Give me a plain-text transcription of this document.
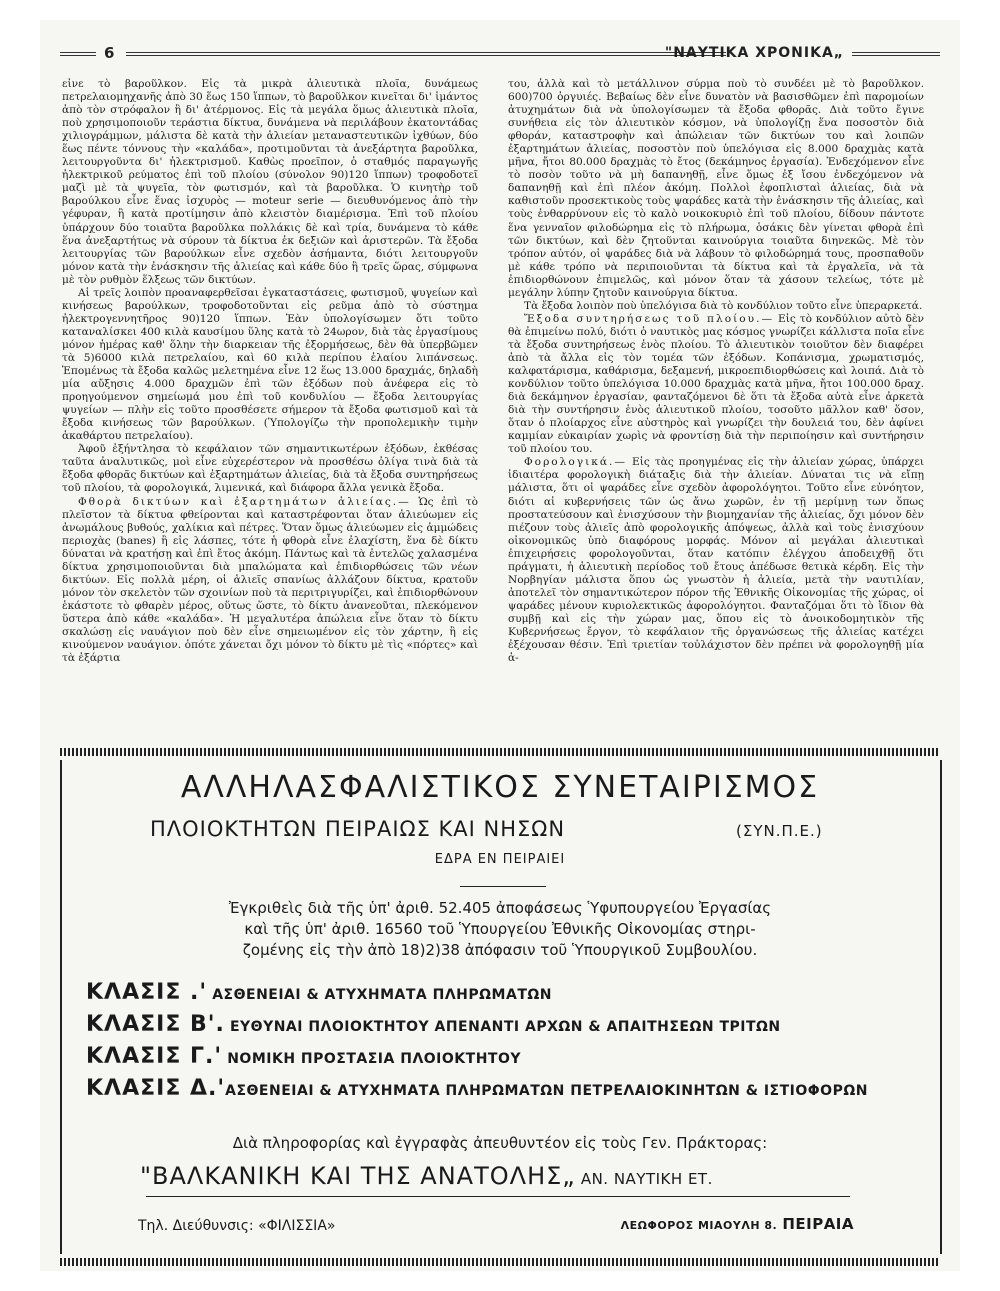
6	"ΝΑΥΤΙΚΑ ΧΡΟΝΙΚΑ„

εἶνε τὸ βαροῦλκον. Εἰς τὰ μικρὰ ἁλιευτικὰ πλοῖα, δυνάμεως πετρελαιομηχανῆς ἀπὸ 30 ἕως 150 ἵππων, τὸ βαροῦλκον κινεῖται δι' ἱμάντος ἀπὸ τὸν στρόφαλον ἢ δι' ἀτέρμονος. Εἰς τὰ μεγάλα ὅμως ἁλιευτικὰ πλοῖα, ποὺ χρησιμοποιοῦν τεράστια δίκτυα, δυνάμενα νὰ περιλάβουν ἑκατοντάδας χιλιογράμμων, μάλιστα δὲ κατὰ τὴν ἁλιείαν μεταναστευτικῶν ἰχθύων, δύο ἕως πέντε τόννους τὴν «καλάδα», προτιμοῦνται τὰ ἀνεξάρτητα βαροῦλκα, λειτουργοῦντα δι' ἠλεκτρισμοῦ. Καθὼς προεῖπον, ὁ σταθμός παραγωγῆς ἠλεκτρικοῦ ρεύματος ἐπὶ τοῦ πλοίου (σύνολον 90)120 ἵππων) τροφοδοτεῖ μαζὶ μὲ τὰ ψυγεῖα, τὸν φωτισμόν, καὶ τὰ βαροῦλκα. Ὁ κινητὴρ τοῦ βαρούλκου εἶνε ἕνας ἰσχυρὸς — moteur serie — διευθυνόμενος ἀπὸ τὴν γέφυραν, ἢ κατὰ προτίμησιν ἀπὸ κλειστὸν διαμέρισμα. Ἐπὶ τοῦ πλοίου ὑπάρχουν δύο τοιαῦτα βαροῦλκα πολλάκις δὲ καὶ τρία, δυνάμενα τὸ κάθε ἕνα ἀνεξαρτήτως νὰ σύρουν τὰ δίκτυα ἐκ δεξιῶν καὶ ἀριστερῶν. Τὰ ἔξοδα λειτουργίας τῶν βαρούλκων εἶνε σχεδὸν ἀσήμαντα, διότι λειτουργοῦν μόνον κατὰ τὴν ἐνάσκησιν τῆς ἁλιείας καὶ κάθε δύο ἢ τρεῖς ὥρας, σύμφωνα μὲ τὸν ρυθμὸν ἕλξεως τῶν δικτύων.

Αἱ τρεῖς λοιπὸν προαναφερθεῖσαι ἐγκαταστάσεις, φωτισμοῦ, ψυγείων καὶ κινήσεως βαρούλκων, τροφοδοτοῦνται εἰς ρεῦμα ἀπὸ τὸ σύστημα ἠλεκτρογεννητῆρος 90)120 ἵππων. Ἐὰν ὑπολογίσωμεν ὅτι τοῦτο καταναλίσκει 400 κιλὰ καυσίμου ὕλης κατὰ τὸ 24ωρον, διὰ τὰς ἐργασίμους μόνον ἡμέρας καθ' ὅλην τὴν διαρκειαν τῆς ἐξορμήσεως, δὲν θὰ ὑπερβῶμεν τὰ 5)6000 κιλὰ πετρελαίου, καὶ 60 κιλὰ περίπου ἐλαίου λιπάνσεως. Ἑπομένως τὰ ἔξοδα καλῶς μελετημένα εἶνε 12 ἕως 13.000 δραχμάς, δηλαδὴ μία αὔξησις 4.000 δραχμῶν ἐπὶ τῶν ἐξόδων ποὺ ἀνέφερα εἰς τὸ προηγούμενον σημείωμά μου ἐπὶ τοῦ κονδυλίου — ἔξοδα λειτουργίας ψυγείων — πλὴν εἰς τοῦτο προσθέσετε σήμερον τὰ ἔξοδα φωτισμοῦ καὶ τὰ ἔξοδα κινήσεως τῶν βαρούλκων. (Ὑπολογίζω τὴν προπολεμικὴν τιμὴν ἀκαθάρτου πετρελαίου).

Ἀφοῦ ἐξήντλησα τὸ κεφάλαιον τῶν σημαντικωτέρων ἐξόδων, ἐκθέσας ταῦτα ἀναλυτικῶς, μοὶ εἶνε εὐχερέστερον νὰ προσθέσω ὀλίγα τινὰ διὰ τὰ ἔξοδα φθορᾶς δικτύων καὶ ἐξαρτημάτων ἁλιείας, διὰ τὰ ἔξοδα συντηρήσεως τοῦ πλοίου, τὰ φορολογικά, λιμενικά, καὶ διάφορα ἄλλα γενικὰ ἔξοδα.

Φθορὰ δικτύων καὶ ἐξαρτημάτων ἁλιείας.— Ὡς ἐπὶ τὸ πλεῖστον τὰ δίκτυα φθείρονται καὶ καταστρέφονται ὅταν ἁλιεύωμεν εἰς ἀνωμάλους βυθούς, χαλίκια καὶ πέτρες. Ὅταν ὅμως ἁλιεύωμεν εἰς ἀμμώδεις περιοχὰς (banes) ἢ εἰς λάσπες, τότε ἡ φθορὰ εἶνε ἐλαχίστη, ἕνα δὲ δίκτυ δύναται νὰ κρατήσῃ καὶ ἐπὶ ἔτος ἀκόμη. Πάντως καὶ τὰ ἐντελῶς χαλασμένα δίκτυα χρησιμοποιοῦνται διὰ μπαλώματα καὶ ἐπιδιορθώσεις τῶν νέων δικτύων. Εἰς πολλὰ μέρη, οἱ ἁλιεῖς σπανίως ἀλλάζουν δίκτυα, κρατοῦν μόνον τὸν σκελετὸν τῶν σχοινίων ποὺ τὰ περιτριγυρίζει, καὶ ἐπιδιορθώνουν ἑκάστοτε τὸ φθαρὲν μέρος, οὕτως ὥστε, τὸ δίκτυ ἀνανεοῦται, πλεκόμενον ὕστερα ἀπὸ κάθε «καλάδα». Ἡ μεγαλυτέρα ἀπώλεια εἶνε ὅταν τὸ δίκτυ σκαλώσῃ εἰς ναυάγιον ποὺ δὲν εἶνε σημειωμένον εἰς τὸν χάρτην, ἢ εἰς κινούμενον ναυάγιον. ὁπότε χάνεται ὄχι μόνον τὸ δίκτυ μὲ τὶς «πόρτες» καὶ τὰ ἐξάρτια

του, ἀλλὰ καὶ τὸ μετάλλινον σύρμα ποὺ τὸ συνδέει μὲ τὸ βαροῦλκον. 600)700 ὀργυιές. Βεβαίως δὲν εἶνε δυνατὸν νὰ βασισθῶμεν ἐπὶ παρομοίων ἀτυχημάτων διὰ νὰ ὑπολογίσωμεν τὰ ἔξοδα φθορᾶς. Διὰ τοῦτο ἔγινε συνήθεια εἰς τὸν ἁλιευτικὸν κόσμον, νὰ ὑπολογίζῃ ἕνα ποσοστὸν διὰ φθοράν, καταστροφὴν καὶ ἀπώλειαν τῶν δικτύων του καὶ λοιπῶν ἐξαρτημάτων ἁλιείας, ποσοστὸν ποὺ ὑπελόγισα εἰς 8.000 δραχμὰς κατὰ μῆνα, ἤτοι 80.000 δραχμὰς τὸ ἔτος (δεκάμηνος ἐργασία). Ἐνδεχόμενον εἶνε τὸ ποσὸν τοῦτο νὰ μὴ δαπανηθῇ, εἶνε ὅμως ἐξ ἴσου ἐνδεχόμενον νὰ δαπανηθῇ καὶ ἐπὶ πλέον ἀκόμη. Πολλοὶ ἐφοπλισταὶ ἁλιείας, διὰ νὰ καθιστοῦν προσεκτικοὺς τοὺς ψαράδες κατὰ τὴν ἐνάσκησιν τῆς ἁλιείας, καὶ τοὺς ἐνθαρρύνουν εἰς τὸ καλὸ νοικοκυριὸ ἐπὶ τοῦ πλοίου, δίδουν πάντοτε ἕνα γενναῖον φιλοδώρημα εἰς τὸ πλήρωμα, ὁσάκις δὲν γίνεται φθορὰ ἐπὶ τῶν δικτύων, καὶ δὲν ζητοῦνται καινούργια τοιαῦτα διηνεκῶς. Μὲ τὸν τρόπον αὐτόν, οἱ ψαράδες διὰ νὰ λάβουν τὸ φιλοδώρημά τους, προσπαθοῦν μὲ κάθε τρόπο νὰ περιποιοῦνται τὰ δίκτυα καὶ τὰ ἐργαλεῖα, νὰ τὰ ἐπιδιορθώνουν ἐπιμελῶς, καὶ μόνον ὅταν τὰ χάσουν τελείως, τότε μὲ μεγάλην λύπην ζητοῦν καινούργια δίκτυα.

Τὰ ἔξοδα λοιπὸν ποὺ ὑπελόγισα διὰ τὸ κονδύλιον τοῦτο εἶνε ὑπεραρκετά.

Ἔξοδα συντηρήσεως τοῦ πλοίου.— Εἰς τὸ κονδύλιον αὐτὸ δὲν θὰ ἐπιμείνω πολύ, διότι ὁ ναυτικὸς μας κόσμος γνωρίζει κάλλιστα ποῖα εἶνε τὰ ἔξοδα συντηρήσεως ἑνὸς πλοίου. Τὸ ἁλιευτικὸν τοιοῦτον δὲν διαφέρει ἀπὸ τὰ ἄλλα εἰς τὸν τομέα τῶν ἐξόδων. Κοπάνισμα, χρωματισμός, καλφατάρισμα, καθάρισμα, δεξαμενή, μικροεπιδιορθώσεις καὶ λοιπά. Διὰ τὸ κονδύλιον τοῦτο ὑπελόγισα 10.000 δραχμὰς κατὰ μῆνα, ἤτοι 100.000 δραχ. διὰ δεκάμηνον ἐργασίαν, φανταζόμενοι δὲ ὅτι τὰ ἔξοδα αὐτὰ εἶνε ἀρκετὰ διὰ τὴν συντήρησιν ἑνὸς ἁλιευτικοῦ πλοίου, τοσοῦτο μᾶλλον καθ' ὅσον, ὅταν ὁ πλοίαρχος εἶνε αὐστηρὸς καὶ γνωρίζει τὴν δουλειά του, δὲν ἀφίνει καμμίαν εὐκαιρίαν χωρὶς νὰ φροντίσῃ διὰ τὴν περιποίησιν καὶ συντήρησιν τοῦ πλοίου του.

Φορολογικά.— Εἰς τὰς προηγμένας εἰς τὴν ἁλιείαν χώρας, ὑπάρχει ἰδιαιτέρα φορολογικὴ διάταξις διὰ τὴν ἁλιείαν. Δύναται τις νὰ εἴπῃ μάλιστα, ὅτι οἱ ψαράδες εἶνε σχεδὸν ἀφορολόγητοι. Τοῦτο εἶνε εὐνόητον, διότι αἱ κυβερνήσεις τῶν ὡς ἄνω χωρῶν, ἐν τῇ μερίμνῃ των ὅπως προστατεύσουν καὶ ἐνισχύσουν τὴν βιομηχανίαν τῆς ἁλιείας, ὄχι μόνον δὲν πιέζουν τοὺς ἁλιεῖς ἀπὸ φορολογικῆς ἀπόψεως, ἀλλὰ καὶ τοὺς ἐνισχύουν οἰκονομικῶς ὑπὸ διαφόρους μορφάς. Μόνον αἱ μεγάλαι ἁλιευτικαὶ ἐπιχειρήσεις φορολογοῦνται, ὅταν κατόπιν ἐλέγχου ἀποδειχθῇ ὅτι πράγματι, ἡ ἁλιευτικὴ περίοδος τοῦ ἔτους ἀπέδωσε θετικὰ κέρδη. Εἰς τὴν Νορβηγίαν μάλιστα ὅπου ὡς γνωστὸν ἡ ἁλιεία, μετὰ τὴν ναυτιλίαν, ἀποτελεῖ τὸν σημαντικώτερον πόρον τῆς Ἐθνικῆς Οἰκονομίας τῆς χώρας, οἱ ψαράδες μένουν κυριολεκτικῶς ἀφορολόγητοι. Φανταζόμαι ὅτι τὸ ἴδιον θὰ συμβῇ καὶ εἰς τὴν χώραν μας, ὅπου εἰς τὸ ἀνοικοδομητικὸν τῆς Κυβερνήσεως ἔργον, τὸ κεφάλαιον τῆς ὀργανώσεως τῆς ἁλιείας κατέχει ἐξέχουσαν θέσιν. Ἐπὶ τριετίαν τοὐλάχιστον δὲν πρέπει νὰ φορολογηθῇ μία ἁ-

ΑΛΛΗΛΑΣΦΑΛΙΣΤΙΚΟΣ ΣΥΝΕΤΑΙΡΙΣΜΟΣ
ΠΛΟΙΟΚΤΗΤΩΝ ΠΕΙΡΑΙΩΣ ΚΑΙ ΝΗΣΩΝ	(ΣΥΝ.Π.Ε.)
ΕΔΡΑ ΕΝ ΠΕΙΡΑΙΕΙ
Ἐγκριθεὶς διὰ τῆς ὑπ' ἀριθ. 52.405 ἀποφάσεως Ὑφυπουργείου Ἐργασίας
καὶ τῆς ὑπ' ἀριθ. 16560 τοῦ Ὑπουργείου Ἐθνικῆς Οἰκονομίας στηρι-
ζομένης εἰς τὴν ἀπὸ 18)2)38 ἀπόφασιν τοῦ Ὑπουργικοῦ Συμβουλίου.
ΚΛΑΣΙΣ .' ΑΣΘΕΝΕΙΑΙ & ΑΤΥΧΗΜΑΤΑ ΠΛΗΡΩΜΑΤΩΝ
ΚΛΑΣΙΣ Β'. ΕΥΘΥΝΑΙ ΠΛΟΙΟΚΤΗΤΟΥ ΑΠΕΝΑΝΤΙ ΑΡΧΩΝ & ΑΠΑΙΤΗΣΕΩΝ ΤΡΙΤΩΝ
ΚΛΑΣΙΣ Γ.' ΝΟΜΙΚΗ ΠΡΟΣΤΑΣΙΑ ΠΛΟΙΟΚΤΗΤΟΥ
ΚΛΑΣΙΣ Δ.'ΑΣΘΕΝΕΙΑΙ & ΑΤΥΧΗΜΑΤΑ ΠΛΗΡΩΜΑΤΩΝ ΠΕΤΡΕΛΑΙΟΚΙΝΗΤΩΝ & ΙΣΤΙΟΦΟΡΩΝ
Διὰ πληροφορίας καὶ ἐγγραφὰς ἀπευθυντέον εἰς τοὺς Γεν. Πράκτορας:
"ΒΑΛΚΑΝΙΚΗ ΚΑΙ ΤΗΣ ΑΝΑΤΟΛΗΣ„ ΑΝ. ΝΑΥΤΙΚΗ ΕΤ.
Τηλ. Διεύθυνσις: «ΦΙΛΙΣΣΙΑ»	ΛΕΩΦΟΡΟΣ ΜΙΑΟΥΛΗ 8. ΠΕΙΡΑΙΑ
